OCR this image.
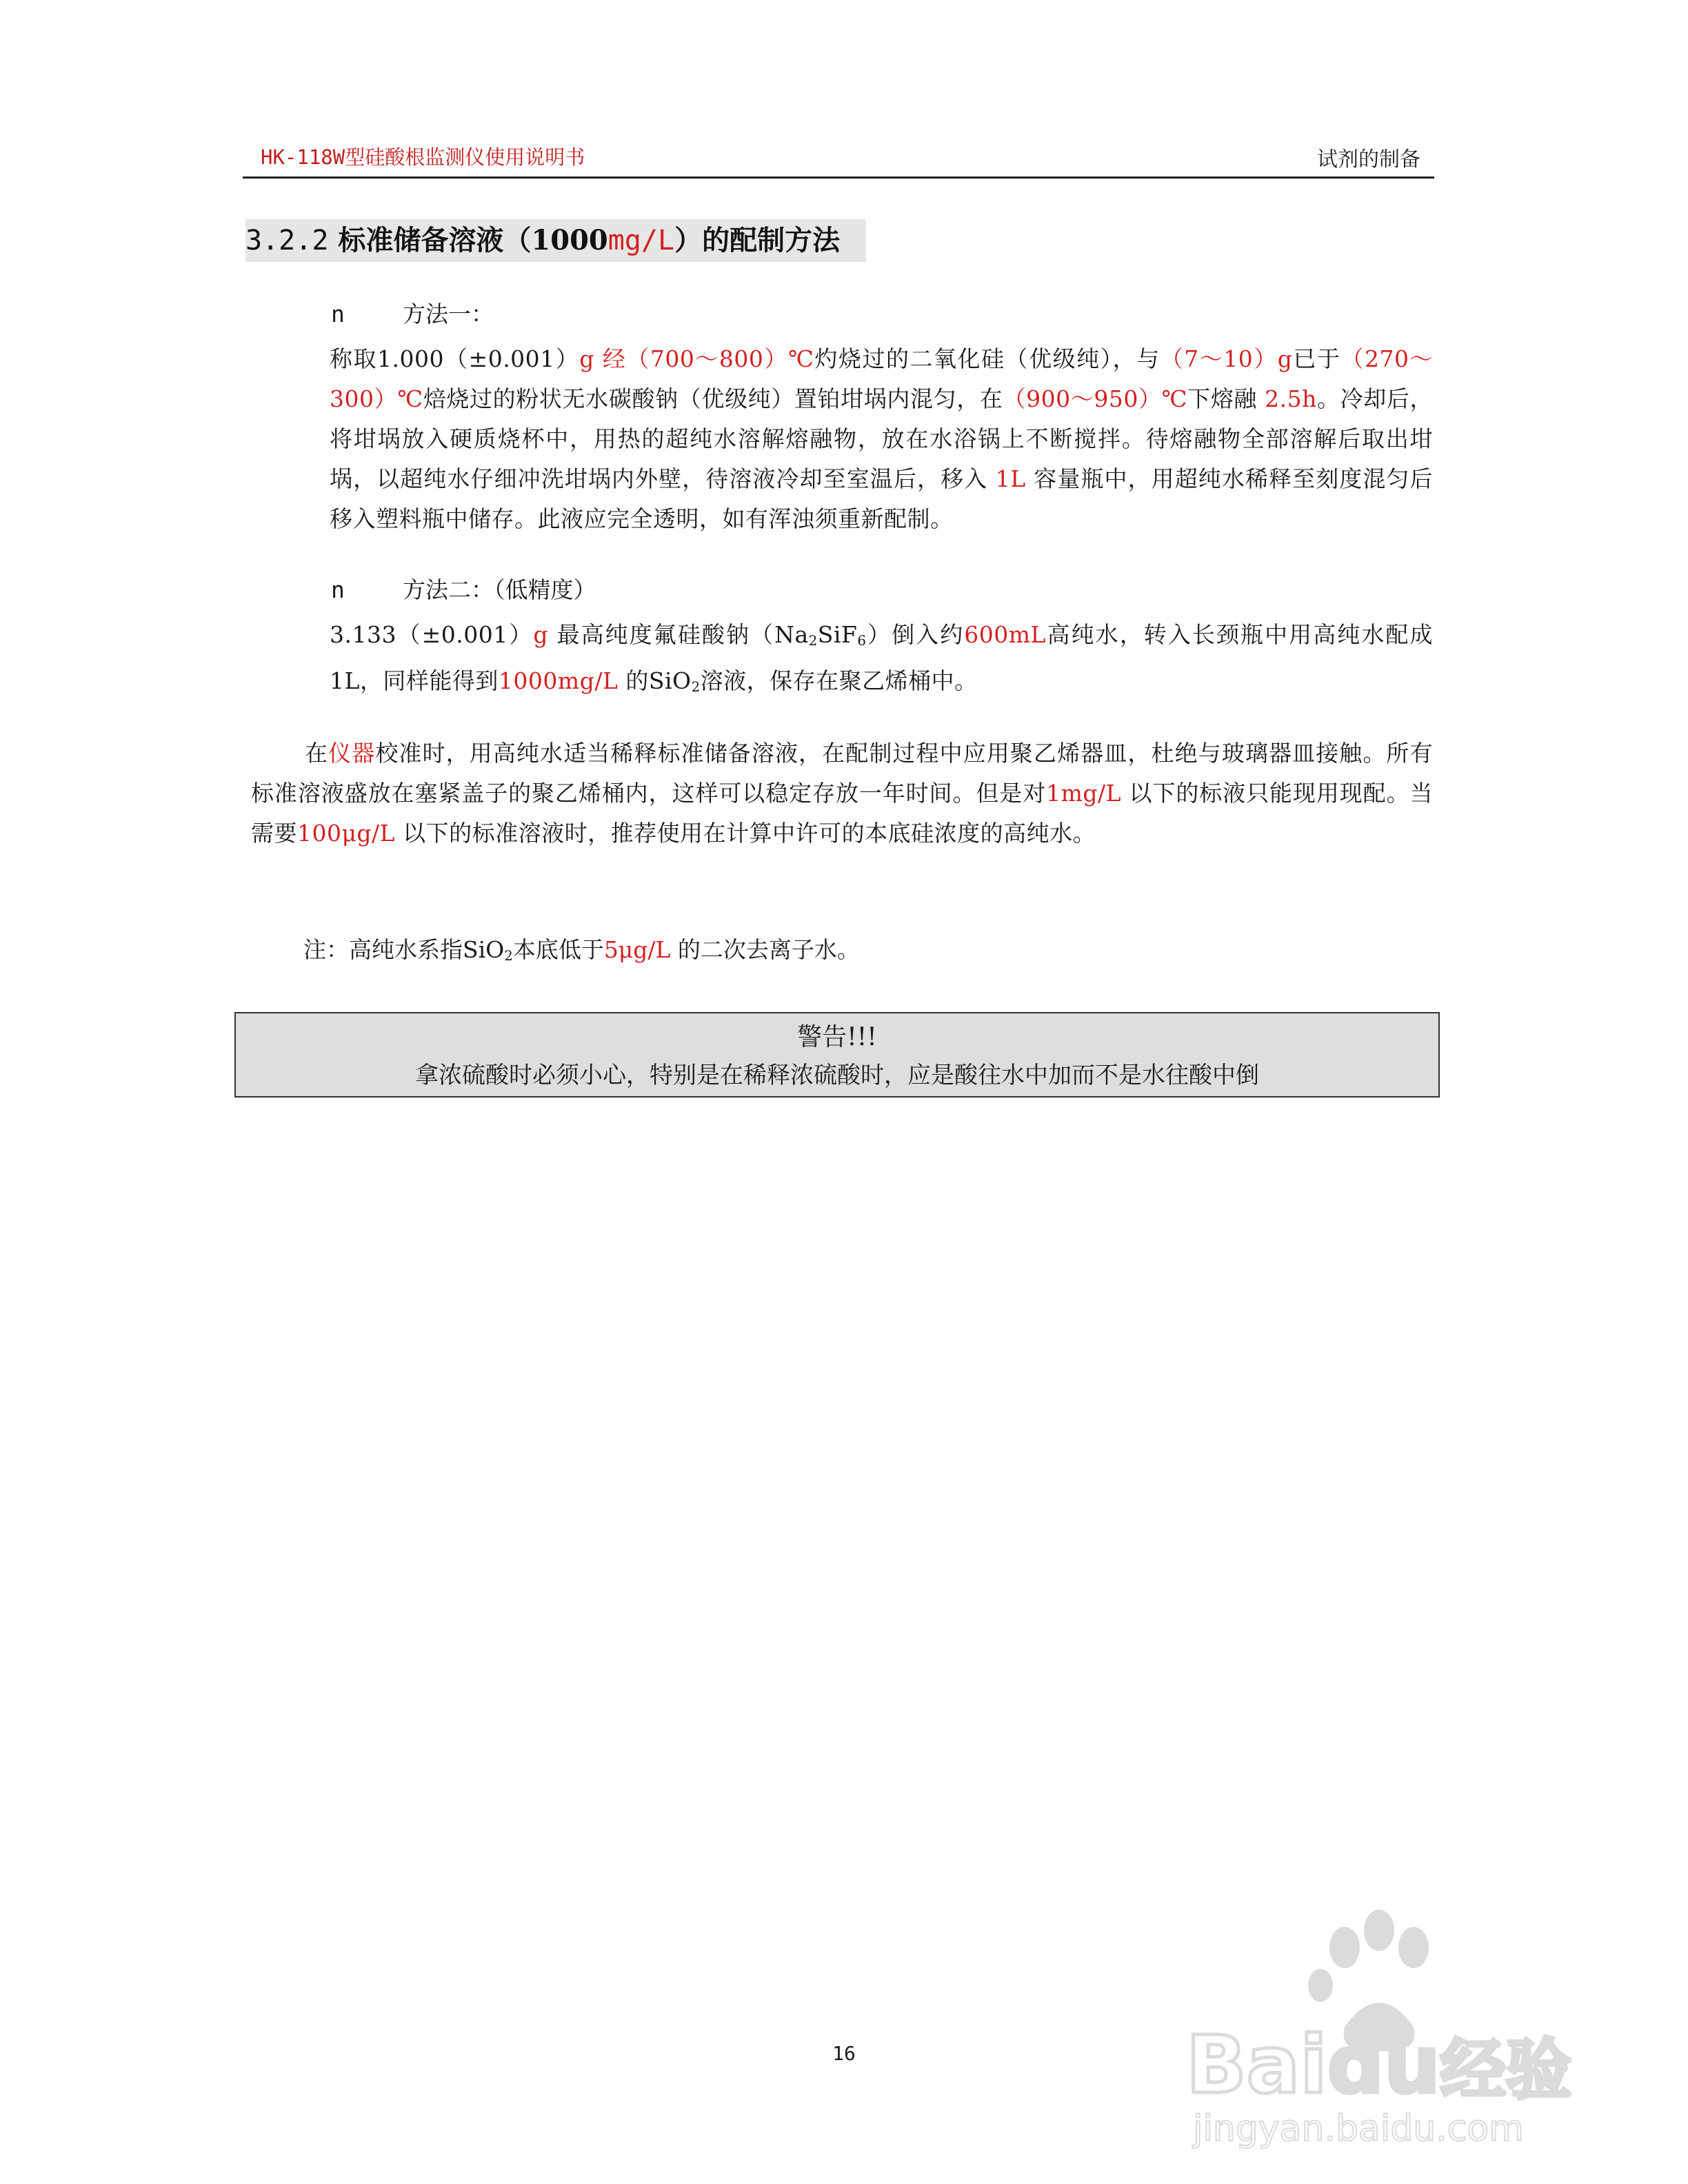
HK-118W型硅酸根监测仪使用说明书	试剂的制备
3.2.2 标准储备溶液（1000mg/L）的配制方法
n	方法一：
称取1.000（±0.001）g 经（700～800）℃灼烧过的二氧化硅（优级纯），与（7～10）g已于（270～300）℃焙烧过的粉状无水碳酸钠（优级纯）置铂坩埚内混匀，在（900～950）℃下熔融 2.5h。冷却后，将坩埚放入硬质烧杯中，用热的超纯水溶解熔融物，放在水浴锅上不断搅拌。待熔融物全部溶解后取出坩埚，以超纯水仔细冲洗坩埚内外壁，待溶液冷却至室温后，移入 1L 容量瓶中，用超纯水稀释至刻度混匀后移入塑料瓶中储存。此液应完全透明，如有浑浊须重新配制。
n	方法二：（低精度）
3.133（±0.001）g 最高纯度氟硅酸钠$(Na_2SiF_6)$倒入约600mL高纯水，转入长颈瓶中用高纯水配成1L，同样能得到1000mg/L 的SiO$_2$溶液，保存在聚乙烯桶中。
在仪器校准时，用高纯水适当稀释标准储备溶液，在配制过程中应用聚乙烯器皿，杜绝与玻璃器皿接触。所有标准溶液盛放在塞紧盖子的聚乙烯桶内，这样可以稳定存放一年时间。但是对1mg/L 以下的标液只能现用现配。当需要100μg/L 以下的标准溶液时，推荐使用在计算中许可的本底硅浓度的高纯水。
注：高纯水系指SiO$_2$本底低于5μg/L 的二次去离子水。
警告!!!
拿浓硫酸时必须小心，特别是在稀释浓硫酸时，应是酸往水中加而不是水往酸中倒
16	Baidu经验
jingyan.baidu.com
